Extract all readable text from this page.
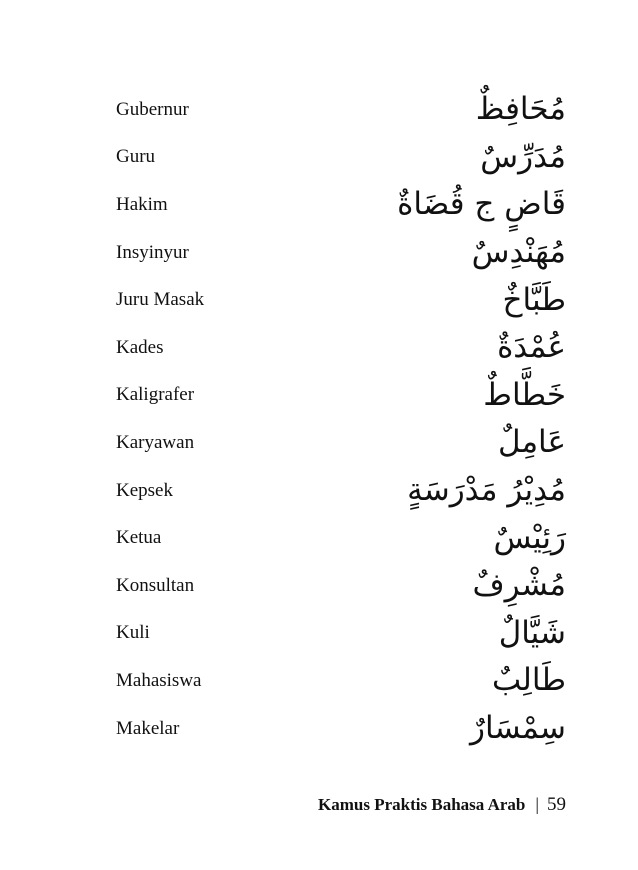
Gubernur	مُحَافِظٌ
Guru	مُدَرِّسٌ
Hakim	قَاضٍ ج قُضَاةٌ
Insyinyur	مُهَنْدِسٌ
Juru Masak	طَبَّاخٌ
Kades	عُمْدَةٌ
Kaligrafer	خَطَّاطٌ
Karyawan	عَامِلٌ
Kepsek	مُدِيْرُ مَدْرَسَةٍ
Ketua	رَئِيْسٌ
Konsultan	مُشْرِفٌ
Kuli	شَيَّالٌ
Mahasiswa	طَالِبٌ
Makelar	سِمْسَارٌ
Kamus Praktis Bahasa Arab | 59
